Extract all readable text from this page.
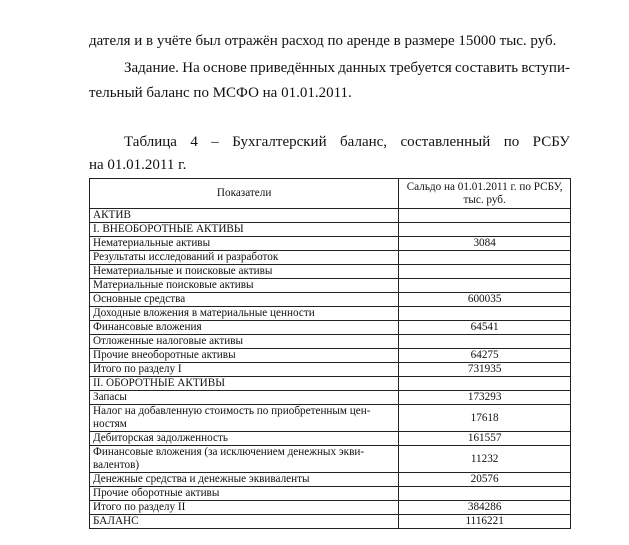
дателя и в учёте был отражён расход по аренде в размере 15000 тыс. руб.
Задание. На основе приведённых данных требуется составить вступи-
тельный баланс по МСФО на 01.01.2011.
Таблица 4 – Бухгалтерский баланс, составленный по РСБУ
на 01.01.2011 г.
Показатели	Сальдо на 01.01.2011 г. по РСБУ, тыс. руб.
АКТИВ	
I. ВНЕОБОРОТНЫЕ АКТИВЫ	
Нематериальные активы	3084
Результаты исследований и разработок	
Нематериальные и поисковые активы	
Материальные поисковые активы	
Основные средства	600035
Доходные вложения в материальные ценности	
Финансовые вложения	64541
Отложенные налоговые активы	
Прочие внеоборотные активы	64275
Итого по разделу I	731935
II. ОБОРОТНЫЕ АКТИВЫ	
Запасы	173293

Налог на добавленную стоимость по приобретенным цен-
ностям	17618
Дебиторская задолженность	161557

Финансовые вложения (за исключением денежных экви-
валентов)	11232
Денежные средства и денежные эквиваленты	20576
Прочие оборотные активы	
Итого по разделу II	384286
БАЛАНС	1116221
